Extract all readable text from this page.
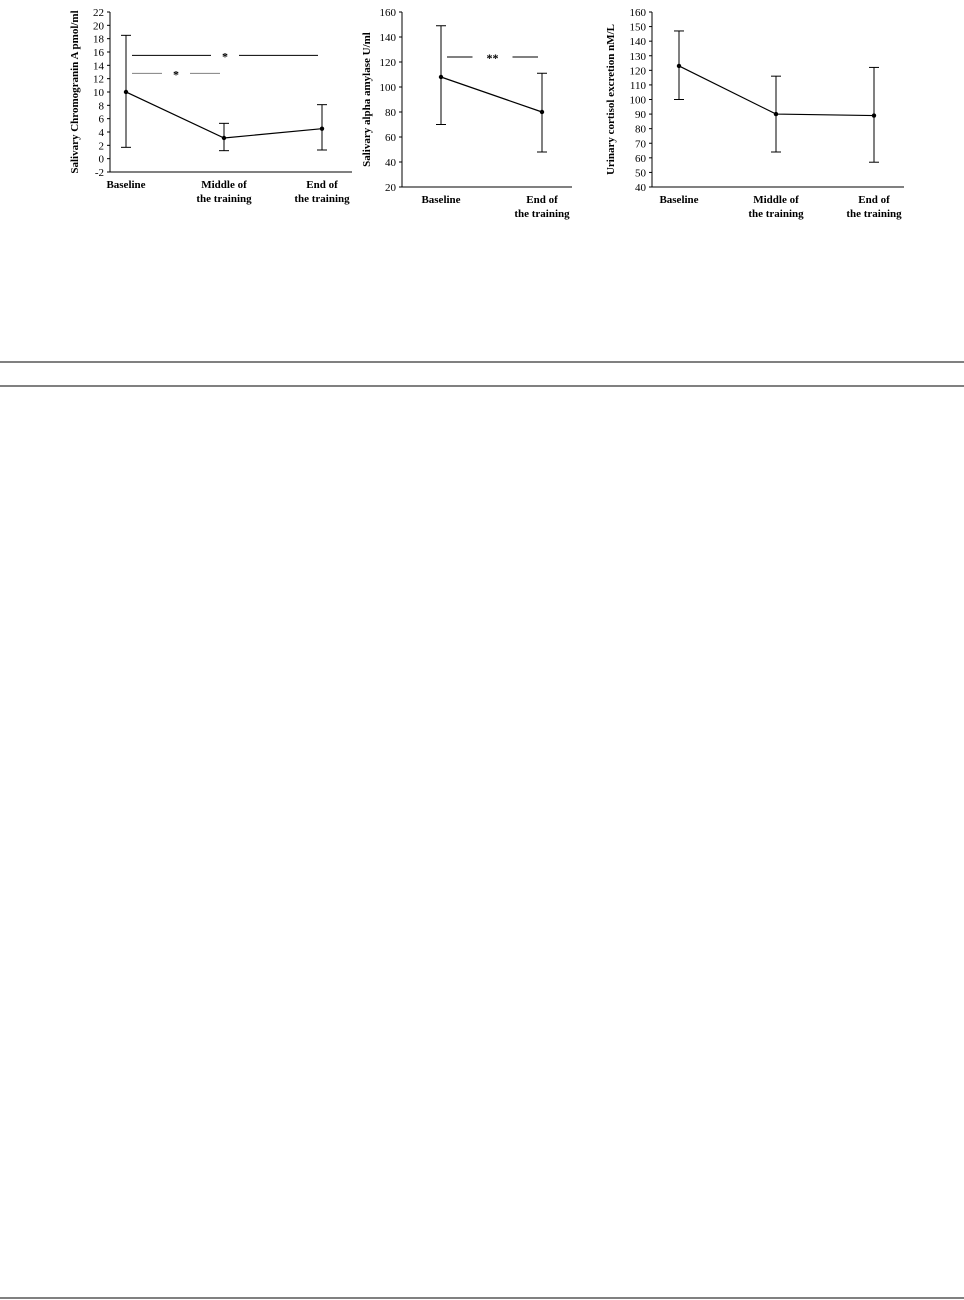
-2
0
2
4
6
8
10
12
14
16
18
20
22
Salivary Chromogranin A pmol/ml
Baseline	Middle of
the training
End of
the training
*
*
20
40
60
80
100
120
140
160
Salivary alpha amylase U/ml
Baseline	End of
the training
**
40
50
60
70
80
90
100
110
120
130
140
150
160
Urinary cortisol excretion nM/L
Baseline	Middle of
the training
End of
the training
